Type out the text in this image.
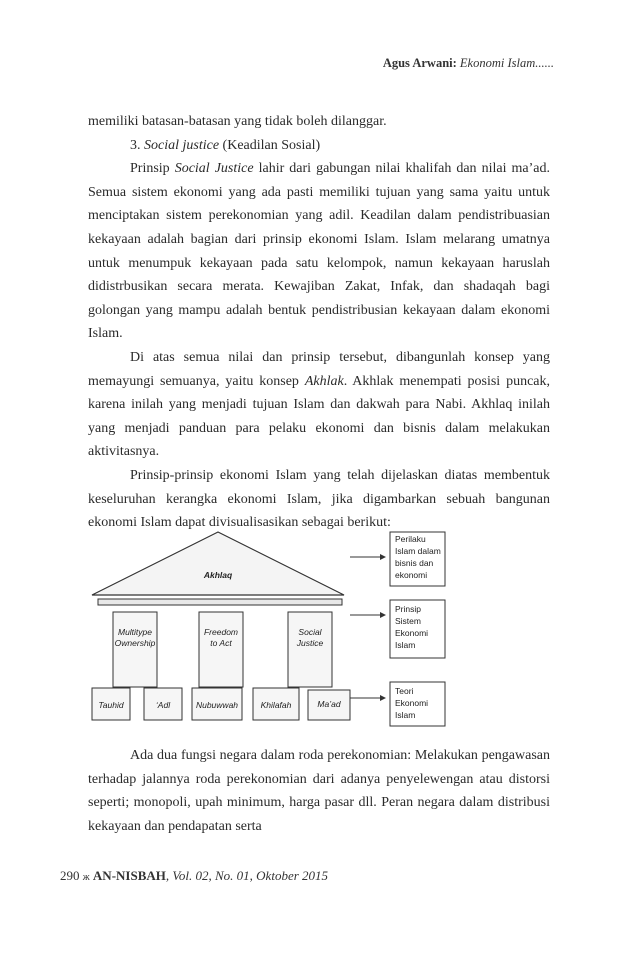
Agus Arwani: Ekonomi Islam......

memiliki batasan-batasan yang tidak boleh dilanggar.

3. Social justice (Keadilan Sosial)

Prinsip Social Justice lahir dari gabungan nilai khalifah dan nilai ma’ad. Semua sistem ekonomi yang ada pasti memiliki tujuan yang sama yaitu untuk menciptakan sistem perekonomian yang adil. Keadilan dalam pendistribuasian kekayaan adalah bagian dari prinsip ekonomi Islam. Islam melarang umatnya untuk menumpuk kekayaan pada satu kelompok, namun kekayaan haruslah didistrbusikan secara merata. Kewajiban Zakat, Infak, dan shadaqah bagi golongan yang mampu adalah bentuk pendistribusian kekayaan dalam ekonomi Islam.

Di atas semua nilai dan prinsip tersebut, dibangunlah konsep yang memayungi semuanya, yaitu konsep Akhlak. Akhlak menempati posisi puncak, karena inilah yang menjadi tujuan Islam dan dakwah para Nabi. Akhlaq inilah yang menjadi panduan para pelaku ekonomi dan bisnis dalam melakukan aktivitasnya.

Prinsip-prinsip ekonomi Islam yang telah dijelaskan diatas membentuk keseluruhan kerangka ekonomi Islam, jika digambarkan sebuah bangunan ekonomi Islam dapat divisualisasikan sebagai berikut:

Akhlaq
Multitype
Ownership
Freedom
to Act
Social
Justice
Tauhid	‘Adl	Nubuwwah	Khilafah	Ma’ad
Perilaku
Islam dalam
bisnis dan
ekonomi
Prinsip
Sistem
Ekonomi
Islam
Teori
Ekonomi
Islam

Ada dua fungsi negara dalam roda perekonomian: Melakukan pengawasan terhadap jalannya roda perekonomian dari adanya penyelewengan atau distorsi seperti; monopoli, upah minimum, harga pasar dll. Peran negara dalam distribusi kekayaan dan pendapatan serta

290 ж AN-NISBAH, Vol. 02, No. 01, Oktober 2015
